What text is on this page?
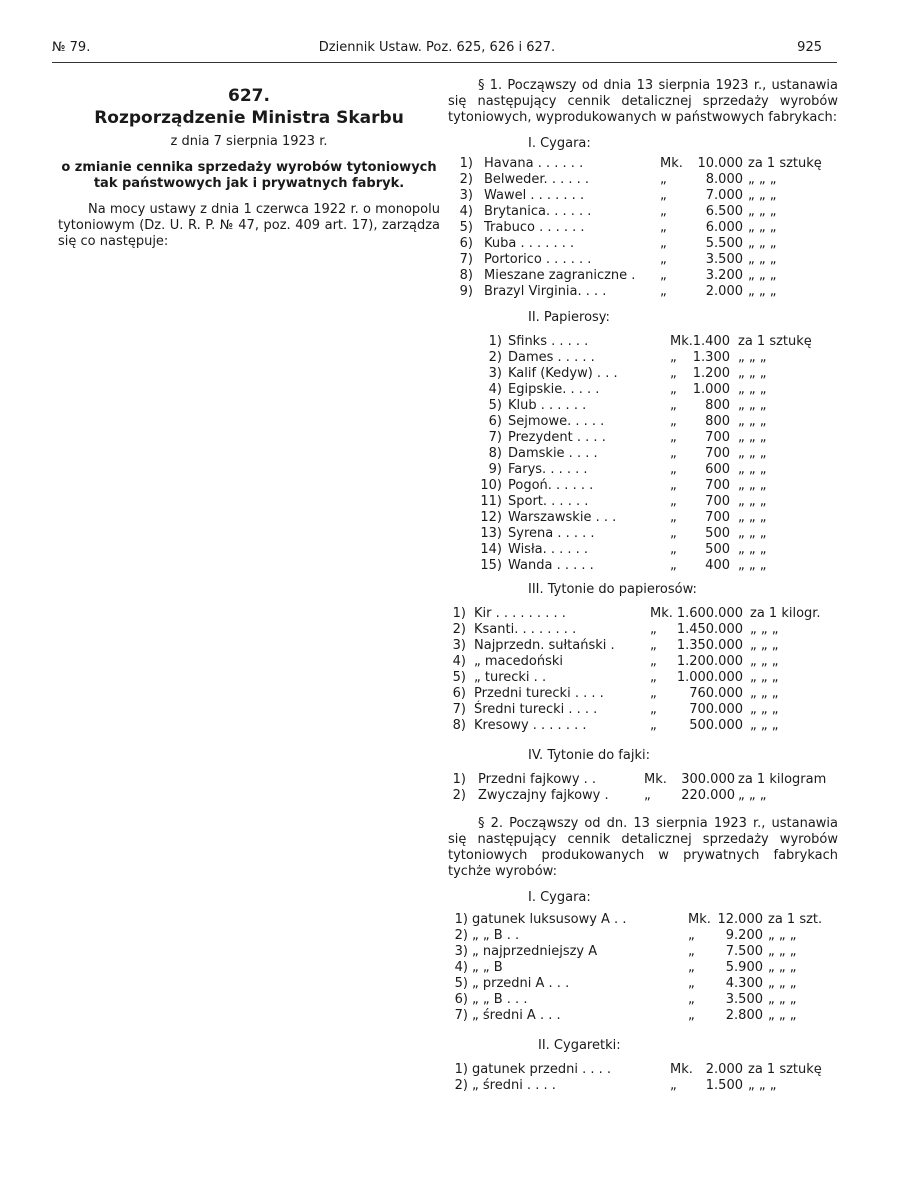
№ 79.	Dziennik Ustaw. Poz. 625, 626 i 627.	925
627.
Rozporządzenie Ministra Skarbu
z dnia 7 sierpnia 1923 r.
o zmianie cennika sprzedaży wyrobów tytoniowych tak państwowych jak i prywatnych fabryk.
Na mocy ustawy z dnia 1 czerwca 1922 r. o monopolu tytoniowym (Dz. U. R. P. № 47, poz. 409 art. 17), zarządza się co następuje:

§ 1. Począwszy od dnia 13 sierpnia 1923 r., ustanawia się następujący cennik detalicznej sprzedaży wyrobów tytoniowych, wyprodukowanych w państwowych fabrykach:

I. Cygara:
1) Havana . . . . . .	Mk. 10.000 za 1 sztukę
2) Belweder. . . . . .	„	8.000 „ „ „
3) Wawel . . . . . . .	„	7.000 „ „ „
4) Brytanica. . . . . .	„	6.500 „ „ „
5) Trabuco . . . . . .	„	6.000 „ „ „
6) Kuba . . . . . . .	„	5.500 „ „ „
7) Portorico . . . . . .	„	3.500 „ „ „
8) Mieszane zagraniczne . „	3.200 „ „ „
9) Brazyl Virginia. . . .	„	2.000 „ „ „
II. Papierosy:
1) Sfinks . . . . .	Mk. 1.400 za 1 sztukę
2) Dames . . . . .	„ 1.300 „ „ „
3) Kalif (Kedyw) . . .	„ 1.200 „ „ „
4) Egipskie. . . . .	„ 1.000 „ „ „
5) Klub . . . . . .	„ 800 „ „ „
6) Sejmowe. . . . .	„ 800 „ „ „
7) Prezydent . . . .	„ 700 „ „ „
8) Damskie . . . .	„ 700 „ „ „
9) Farys. . . . . .	„ 600 „ „ „
10) Pogoń. . . . . .	„ 700 „ „ „
11) Sport. . . . . .	„ 700 „ „ „
12) Warszawskie . . .	„ 700 „ „ „
13) Syrena . . . . .	„ 500 „ „ „
14) Wisła. . . . . .	„ 500 „ „ „
15) Wanda . . . . .	„ 400 „ „ „
III. Tytonie do papierosów:
1) Kir . . . . . . . . .	Mk. 1.600.000 za 1 kilogr.
2) Ksanti. . . . . . . .	„ 1.450.000 „ „ „
3) Najprzedn. sułtański .	„ 1.350.000 „ „ „
4) „ macedoński	„ 1.200.000 „ „ „
5) „ turecki . .	„ 1.000.000 „ „ „
6) Przedni turecki . . . .	„ 760.000 „ „ „
7) Średni turecki . . . .	„ 700.000 „ „ „
8) Kresowy . . . . . . .	„ 500.000 „ „ „
IV. Tytonie do fajki:
1) Przedni fajkowy . .	Mk. 300.000 za 1 kilogram
2) Zwyczajny fajkowy .	„ 220.000 „ „ „

§ 2. Począwszy od dn. 13 sierpnia 1923 r., ustanawia się następujący cennik detalicznej sprzedaży wyrobów tytoniowych produkowanych w prywatnych fabrykach tychże wyrobów:

I. Cygara:
1) gatunek luksusowy A . .	Mk. 12.000 za 1 szt.
2) „ „ B . .	„ 9.200 „ „ „
3) „ najprzedniejszy A	„ 7.500 „ „ „
4) „ „ B	„ 5.900 „ „ „
5) „ przedni A . . .	„ 4.300 „ „ „
6) „ „ B . . .	„ 3.500 „ „ „
7) „ średni A . . .	„ 2.800 „ „ „
II. Cygaretki:
1) gatunek przedni . . . .	Mk. 2.000 za 1 sztukę
2) „ średni . . . .	„ 1.500 „ „ „
